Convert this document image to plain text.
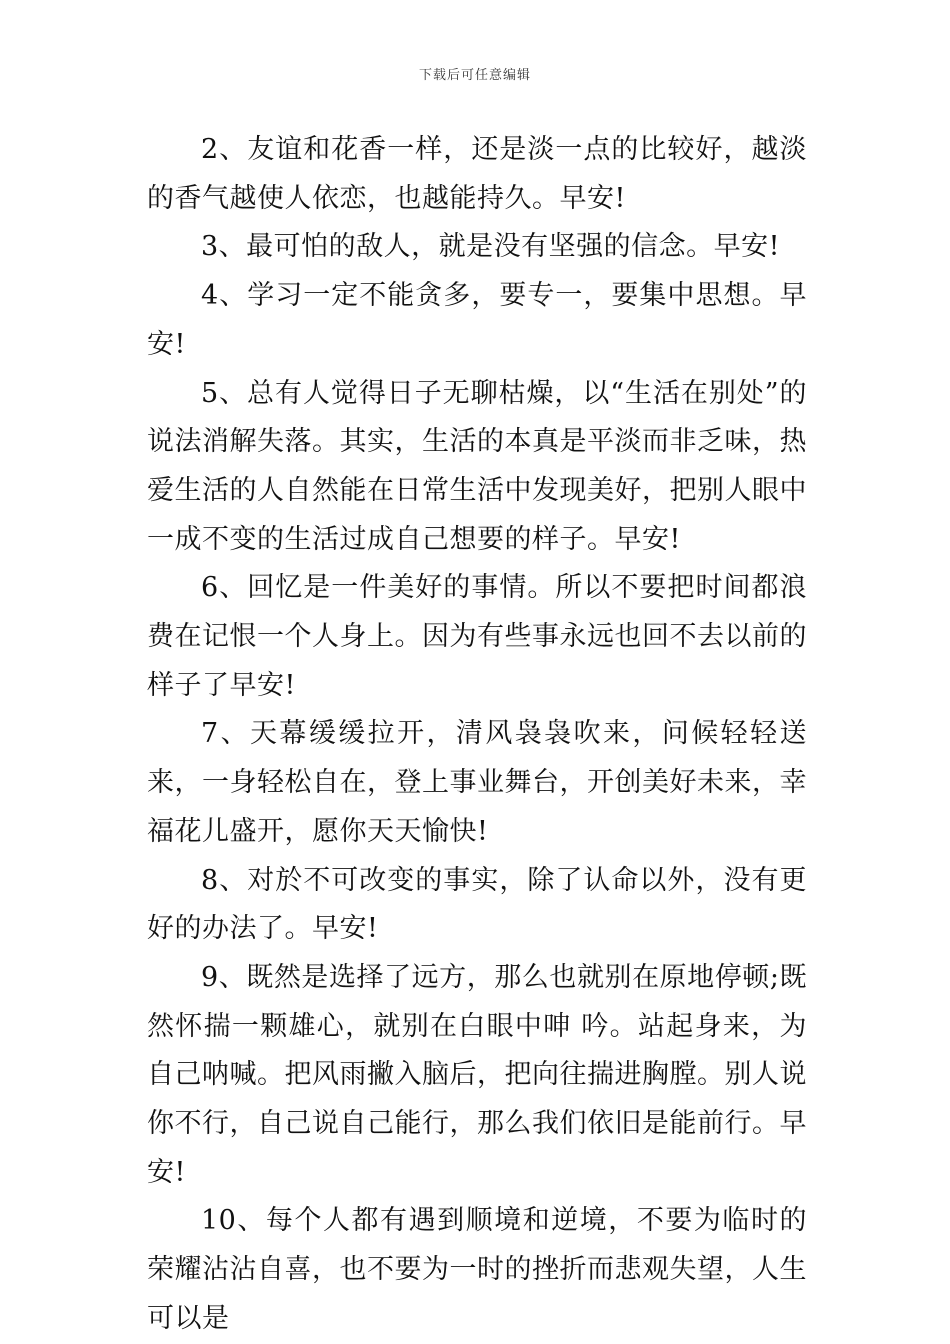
下载后可任意编辑

2、友谊和花香一样，还是淡一点的比较好，越淡的香气越使人依恋，也越能持久。早安!

3、最可怕的敌人，就是没有坚强的信念。早安!

4、学习一定不能贪多，要专一，要集中思想。早安!

5、总有人觉得日子无聊枯燥，以“生活在别处”的说法消解失落。其实，生活的本真是平淡而非乏味，热爱生活的人自然能在日常生活中发现美好，把别人眼中一成不变的生活过成自己想要的样子。早安!

6、回忆是一件美好的事情。所以不要把时间都浪费在记恨一个人身上。因为有些事永远也回不去以前的样子了早安!

7、天幕缓缓拉开，清风袅袅吹来，问候轻轻送来，一身轻松自在，登上事业舞台，开创美好未来，幸福花儿盛开，愿你天天愉快!

8、对於不可改变的事实，除了认命以外，没有更好的办法了。早安!

9、既然是选择了远方，那么也就别在原地停顿;既然怀揣一颗雄心，就别在白眼中呻 吟。站起身来，为自己呐喊。把风雨撇入脑后，把向往揣进胸膛。别人说你不行，自己说自己能行，那么我们依旧是能前行。早安!

10、每个人都有遇到顺境和逆境，不要为临时的荣耀沾沾自喜，也不要为一时的挫折而悲观失望，人生可以是
